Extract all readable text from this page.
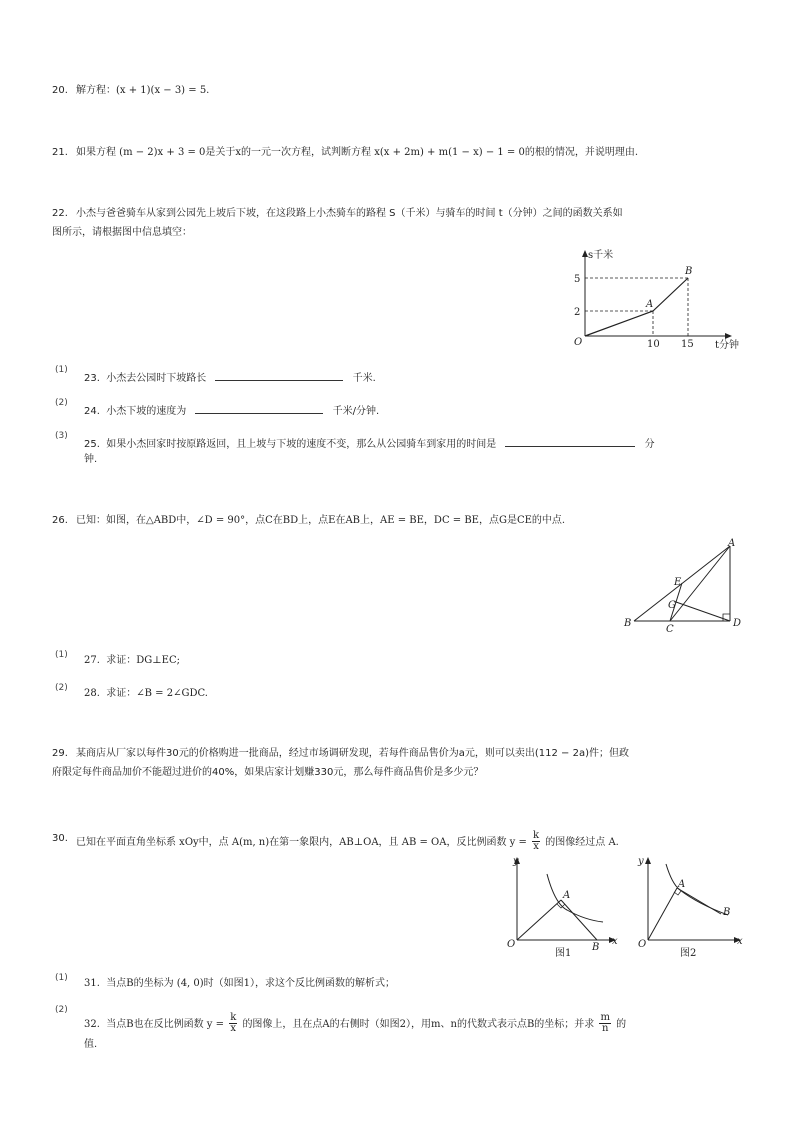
20. 解方程：(x + 1)(x − 3) = 5.
21. 如果方程 (m − 2)x + 3 = 0是关于x的一元一次方程，试判断方程 x(x + 2m) + m(1 − x) − 1 = 0的根的情况，并说明理由.
22. 小杰与爸爸骑车从家到公园先上坡后下坡，在这段路上小杰骑车的路程 S（千米）与骑车的时间 t（分钟）之间的函数关系如
图所示，请根据图中信息填空：
s千米
5
2
O	10 15 t分钟
A
B
(1)
23. 小杰去公园时下坡路长	千米.
(2)
24. 小杰下坡的速度为	千米/分钟.
(3)
25. 如果小杰回家时按原路返回，且上坡与下坡的速度不变，那么从公园骑车到家用的时间是	分
钟.
26. 已知：如图，在△ABD中，∠D = 90°，点C在BD上，点E在AB上，AE = BE，DC = BE，点G是CE的中点.
A
B
C
D
E
G
(1) 27. 求证：DG⊥EC;
(2) 28. 求证：∠B = 2∠GDC.
29. 某商店从厂家以每件30元的价格购进一批商品，经过市场调研发现，若每件商品售价为a元，则可以卖出(112 − 2a)件；但政
府限定每件商品加价不能超过进价的40%，如果店家计划赚330元，那么每件商品售价是多少元？
30. 已知在平面直角坐标系 xOy中，点 A(m, n)在第一象限内，AB⊥OA，且 AB = OA，反比例函数 $y = \frac{k}{x}$ 的图像经过点 A.
y
x
O
A
B
图1
y
x
O
A
B
图2
(1) 31. 当点B的坐标为 (4, 0)时（如图1），求这个反比例函数的解析式；
(2)
32. 当点B也在反比例函数 $y = \frac{k}{x}$ 的图像上，且在点A的右侧时（如图2），用m、n的代数式表示点B的坐标；并求 $\frac{m}{n}$ 的
值.
